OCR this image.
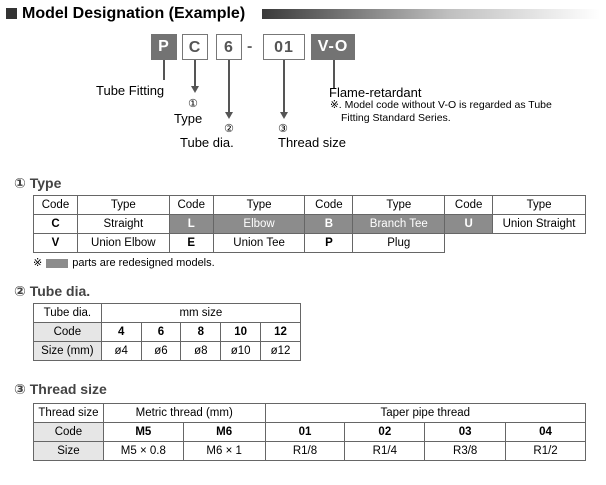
Model Designation (Example)
P	C	6 -	01	V-O
Tube Fitting
①
Type
②
Tube dia.
③
Thread size
Flame-retardant
※. Model code without V-O is regarded as Tube
Fitting Standard Series.
① Type
Code	Type	Code	Type	Code	Type	Code	Type
C	Straight	L	Elbow	B	Branch Tee	U	Union Straight
V	Union Elbow	E	Union Tee	P	Plug		
※	parts are redesigned models.
② Tube dia.
Tube dia.	mm size				
Code	4	6	8	10	12
Size (mm)	ø4	ø6	ø8	ø10	ø12
③ Thread size
Thread size	Metric thread (mm)		Taper pipe thread			
Code	M5	M6	01	02	03	04
Size	M5 × 0.8	M6 × 1	R1/8	R1/4	R3/8	R1/2
